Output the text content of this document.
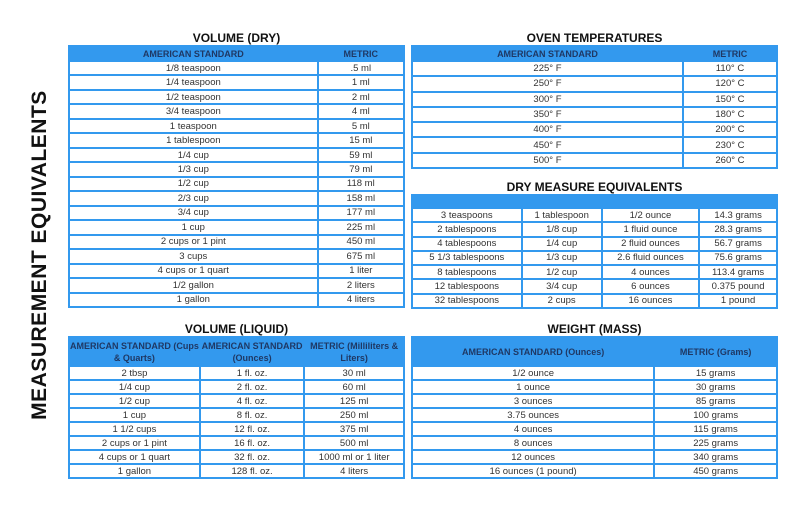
MEASUREMENT EQUIVALENTS
VOLUME (DRY)
AMERICAN STANDARD	METRIC
1/8 teaspoon	.5 ml
1/4 teaspoon	1 ml
1/2 teaspoon	2 ml
3/4 teaspoon	4 ml
1 teaspoon	5 ml
1 tablespoon	15 ml
1/4 cup	59 ml
1/3 cup	79 ml
1/2 cup	118 ml
2/3 cup	158 ml
3/4 cup	177 ml
1 cup	225 ml
2 cups or 1 pint	450 ml
3 cups	675 ml
4 cups or 1 quart	1 liter
1/2 gallon	2 liters
1 gallon	4 liters
OVEN TEMPERATURES
AMERICAN STANDARD	METRIC
225° F	110° C
250° F	120° C
300° F	150° C
350° F	180° C
400° F	200° C
450° F	230° C
500° F	260° C
DRY MEASURE EQUIVALENTS

3 teaspoons	1 tablespoon	1/2 ounce	14.3 grams
2 tablespoons	1/8 cup	1 fluid ounce	28.3 grams
4 tablespoons	1/4 cup	2 fluid ounces	56.7 grams
5 1/3 tablespoons	1/3 cup	2.6 fluid ounces	75.6 grams
8 tablespoons	1/2 cup	4 ounces	113.4 grams
12 tablespoons	3/4 cup	6 ounces	0.375 pound
32 tablespoons	2 cups	16 ounces	1 pound
VOLUME (LIQUID)
AMERICAN STANDARD (Cups & Quarts)	AMERICAN STANDARD (Ounces)	METRIC (Milliliters & Liters)
2 tbsp	1 fl. oz.	30 ml
1/4 cup	2 fl. oz.	60 ml
1/2 cup	4 fl. oz.	125 ml
1 cup	8 fl. oz.	250 ml
1 1/2 cups	12 fl. oz.	375 ml
2 cups or 1 pint	16 fl. oz.	500 ml
4 cups or 1 quart	32 fl. oz.	1000 ml or 1 liter
1 gallon	128 fl. oz.	4 liters
WEIGHT (MASS)
AMERICAN STANDARD (Ounces)	METRIC (Grams)
1/2 ounce	15 grams
1 ounce	30 grams
3 ounces	85 grams
3.75 ounces	100 grams
4 ounces	115 grams
8 ounces	225 grams
12 ounces	340 grams
16 ounces (1 pound)	450 grams
